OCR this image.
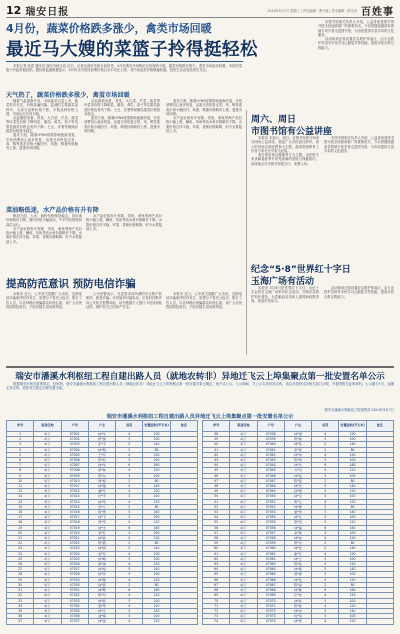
12 瑞安日报	2014年5月7日 星期三 | 责任编辑：曹大敏 | 美术编辑：陈宗尧 百姓事
4月份，蔬菜价格跌多涨少，禽类市场回暖
最近马大嫂的菜篮子拎得挺轻松

本报记者 张进 通讯员 瑞安市统计局 近日，记者从瑞安市统计局获悉，4月份瑞安市场物价总体保持平稳，蔬菜价格跌多涨少，禽类市场逐步回暖，市民的菜篮子拎起来挺轻松。据价格监测数据显示，4月份全市居民消费价格总水平同比上涨，其中食品类价格涨幅回落，居民生活必需品供应充足。

天气热了，蔬菜价格跌多涨少，禽蛋市场回暖

随着气温逐渐升高，本地蔬菜大量上市，蔬菜供应充足，价格普遍回落。监测的主要蔬菜品种中，大部分品种价格下跌，少数品种价格上涨，市场运行总体平稳。

从监测情况看，青菜、大白菜、芹菜、菠菜等叶菜类价格下降明显，番茄、黄瓜、茄子等瓜果类蔬菜价格也有所下降；土豆、洋葱等耐储存蔬菜价格基本稳定。

禽类方面，随着H7N9疫情影响逐渐消退，市民消费信心逐步恢复，活禽交易恢复正常，鸡、鸭等禽类价格小幅回升，鸡蛋、鸭蛋价格略有上涨，禽蛋市场回暖。

从监测情况看，青菜、大白菜、芹菜、菠菜等叶菜类价格下降明显，番茄、黄瓜、茄子等瓜果类蔬菜价格也有所下降；土豆、洋葱等耐储存蔬菜价格基本稳定。

禽类方面，随着H7N9疫情影响逐渐消退，市民消费信心逐步恢复，活禽交易恢复正常，鸡、鸭等禽类价格小幅回升，鸡蛋、鸭蛋价格略有上涨，禽蛋市场回暖。

禽类方面，随着H7N9疫情影响逐渐消退，市民消费信心逐步恢复，活禽交易恢复正常，鸡、鸭等禽类价格小幅回升，鸡蛋、鸭蛋价格略有上涨，禽蛋市场回暖。

水产品价格有升有降，带鱼、黄鱼等海产品价格小幅上涨，鲫鱼、草鱼等淡水鱼价格略有下降。水果价格总体平稳，苹果、香蕉价格略降，时令水果陆续上市。

菜油略低迷，水产品价格有升有降

粮油方面，大米、面粉价格保持稳定，食用油价格略有下降。猪肉价格小幅波动，牛羊肉价格保持高位运行。

水产品价格有升有降，带鱼、黄鱼等海产品价格小幅上涨，鲫鱼、草鱼等淡水鱼价格略有下降。水果价格总体平稳，苹果、香蕉价格略降，时令水果陆续上市。

水产品价格有升有降，带鱼、黄鱼等海产品价格小幅上涨，鲫鱼、草鱼等淡水鱼价格略有下降。水果价格总体平稳，苹果、香蕉价格略降，时令水果陆续上市。

提高防范意识 预防电信诈骗

本报讯 近日，公安机关提醒广大市民，近期电信诈骗案件时有发生，犯罪分子冒充公检法、银行工作人员，以各种理由诱骗群众转账汇款，请广大市民提高防范意识，不轻信陌生电话和短信。

公安民警表示，凡是要求向所谓的安全账户转账的，都是诈骗。市民接到可疑电话，应及时挂断并向公安机关报警求助，切勿透露个人银行卡信息和验证码，保护好自己的财产安全。

本报讯 近日，公安机关提醒广大市民，近期电信诈骗案件时有发生，犯罪分子冒充公检法、银行工作人员，以各种理由诱骗群众转账汇款，请广大市民提高防范意识，不轻信陌生电话和短信。

市图书馆相关负责人介绍，公益讲座是图书馆开展全民阅读推广的重要形式，今后将继续邀请各领域专家学者走进图书馆，为市民提供丰富多彩的文化服务。

活动现场还将设置应急救护体验区，由专业救护员指导市民学习心肺复苏等技能，提高市民自救互救能力。

周六、周日
市图书馆有公益讲座

本报讯 本周六、周日，市图书馆将分别举办两场公益讲座，欢迎广大市民前往聆听。周六的讲座以家庭教育为主题，邀请资深教育工作者与家长分享育儿经验。

周日的讲座以健康养生为主题，由医院专家讲解春夏季节常见疾病的预防与保健知识。讲座地点在市图书馆报告厅，免费入场。

市图书馆相关负责人介绍，公益讲座是图书馆开展全民阅读推广的重要形式，今后将继续邀请各领域专家学者走进图书馆，为市民提供丰富多彩的文化服务。

纪念“5·8”世界红十字日
玉海广场有活动

本报讯 5月8日是世界红十字日，市红十字会将在玉海广场举办纪念活动，开展应急救护知识普及、无偿献血宣传和人道救助政策咨询，欢迎市民参与。

活动现场还将设置应急救护体验区，由专业救护员指导市民学习心肺复苏等技能，提高市民自救互救能力。

瑞安市潘溪水利枢纽工程自建出路人员（就地农转非）异地迁飞云上埠集聚点第一批安置名单公示

根据瑞安市相关政策规定，经审核，瑞安市潘溪水利枢纽工程自建出路人员（就地农转非）异地迁飞云上埠集聚点第一批安置对象已确定，现予以公示。公示期间，对公示名单有异议的，请以书面形式向相关部门反映，并提供相关证明材料。公示期为7天，逾期无异议的，将按有关规定办理安置手续。

瑞安市潘溪水利枢纽工程指挥部 2014年5月7日
瑞安市潘溪水利枢纽工程自建出路人员异地迁飞云上埠集聚点第一批安置名单公示
序号	原居住地	户号	户主	成员	安置面积(平方米)	备注
1	岭下	07001	林*华	4	120	
2	岭下	07002	陈*国	3	100	
3	岭下	07003	张*平	5	140	
4	岭下	07004	林*明	2	80	
5	岭下	07005	王*芬	4	120	
6	岭下	07006	陈*松	3	100	
7	岭下	07007	林*华	6	160	
8	岭下	07008	黄*林	4	120	
9	岭下	07009	陈*东	3	100	
10	岭下	07010	周*娟	2	80	
11	岭下	07011	林*强	5	140	
12	岭下	07012	潘*芳	4	120	
13	岭下	07013	叶*平	3	100	
14	岭下	07014	林*军	4	120	
15	岭下	07015	吴*兰	2	80	
16	岭下	07016	陈*勇	5	140	
17	岭下	07017	林*飞	3	100	
18	岭下	07018	郑*英	4	120	
19	岭下	07019	林*杰	6	160	
20	岭下	07020	李*红	3	100	
21	岭下	07021	林*波	4	120	
22	岭下	07022	陈*霞	2	80	
23	岭下	07023	林*海	5	140	
24	岭下	07024	金*芬	4	120	
25	岭下	07025	林*峰	3	100	
26	岭下	07026	胡*丽	4	120	
27	岭下	07027	林*斌	5	140	
28	岭下	07028	杨*萍	3	100	
29	岭下	07029	林*刚	4	120	
30	岭下	07030	徐*燕	2	80	
31	岭下	07031	林*辉	6	160	
32	岭下	07032	陈*玲	4	120	
33	岭下	07033	林*新	3	100	
34	岭下	07034	蔡*琴	4	120	
35	岭下	07035	林*宇	5	140	
36	岭下	07036	池*梅	3	100	
37	岭下	07037	林*进	4	120	
序号	原居住地	户号	户主	成员	安置面积(平方米)	备注
38	岭下	07038	林*清	4	120	
39	岭下	07039	陈*敏	3	100	
40	岭下	07040	林*荣	5	140	
41	岭下	07041	彭*香	2	80	
42	岭下	07042	林*伟	4	120	
43	岭下	07043	陈*珍	3	100	
44	岭下	07044	林*忠	6	160	
45	岭下	07045	方*丹	4	120	
46	岭下	07046	林*益	3	100	
47	岭下	07047	陈*莲	2	80	
48	岭下	07048	林*光	5	140	
49	岭下	07049	孙*娥	4	120	
50	岭下	07050	林*宝	3	100	
51	岭下	07051	陈*云	4	120	
52	岭下	07052	林*德	2	80	
53	岭下	07053	夏*秀	5	140	
54	岭下	07054	林*生	3	100	
55	岭下	07055	陈*凤	4	120	
56	岭下	07056	林*福	6	160	
57	岭下	07057	余*珠	3	100	
58	岭下	07058	林*成	4	120	
59	岭下	07059	陈*月	2	80	
60	岭下	07060	林*安	5	140	
61	岭下	07061	谢*花	4	120	
62	岭下	07062	林*土	3	100	
63	岭下	07063	陈*仙	4	120	
64	岭下	07064	林*根	5	140	
65	岭下	07065	曾*春	3	100	
66	岭下	07066	林*发	4	120	
67	岭下	07067	陈*美	2	80	
68	岭下	07068	林*顺	6	160	
69	岭下	07069	应*娇	4	120	
70	岭下	07070	林*如	3	100	
71	岭下	07071	陈*妹	4	120	
72	岭下	07072	林*来	5	140	
73	岭下	07073	包*凤	3	100	
74	岭下	07074	林*喜	4	120	
